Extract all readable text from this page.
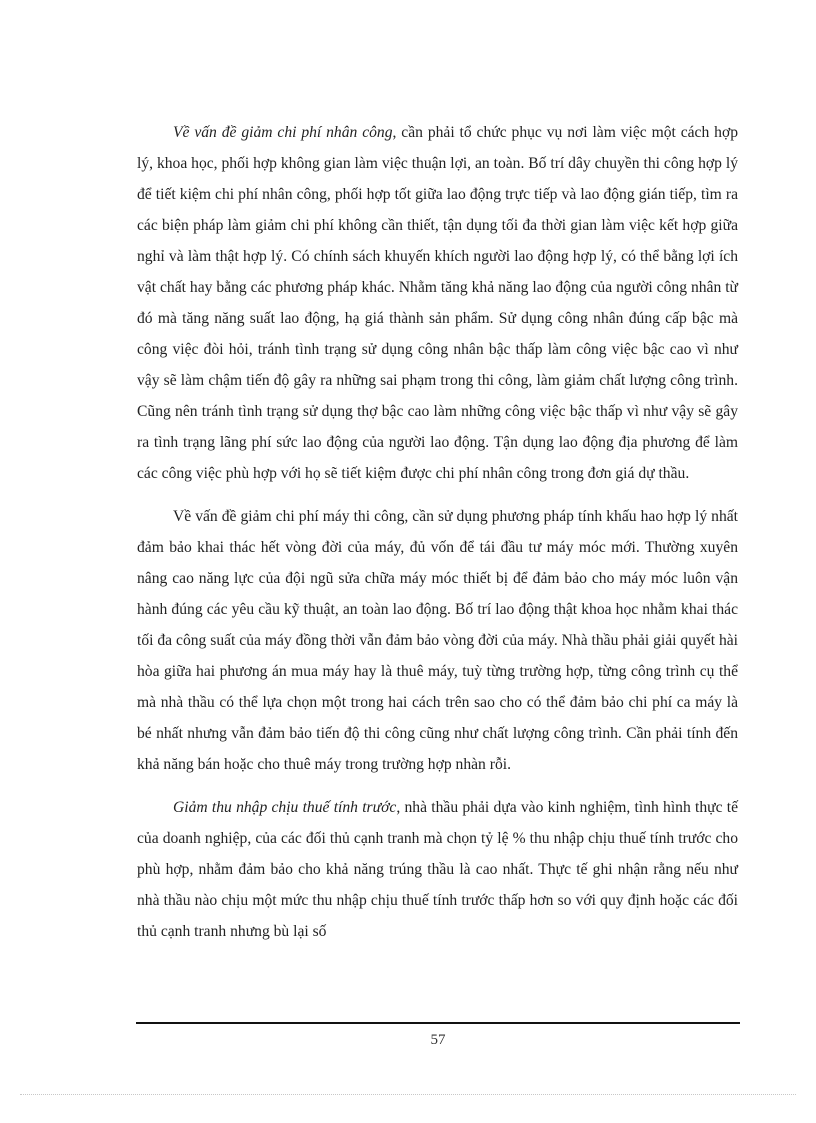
Về vấn đề giảm chi phí nhân công, cần phải tổ chức phục vụ nơi làm việc một cách hợp lý, khoa học, phối hợp không gian làm việc thuận lợi, an toàn. Bố trí dây chuyền thi công hợp lý để tiết kiệm chi phí nhân công, phối hợp tốt giữa lao động trực tiếp và lao động gián tiếp, tìm ra các biện pháp làm giảm chi phí không cần thiết, tận dụng tối đa thời gian làm việc kết hợp giữa nghỉ và làm thật hợp lý. Có chính sách khuyến khích người lao động hợp lý, có thể bằng lợi ích vật chất hay bằng các phương pháp khác. Nhằm tăng khả năng lao động của người công nhân từ đó mà tăng năng suất lao động, hạ giá thành sản phẩm. Sử dụng công nhân đúng cấp bậc mà công việc đòi hỏi, tránh tình trạng sử dụng công nhân bậc thấp làm công việc bậc cao vì như vậy sẽ làm chậm tiến độ gây ra những sai phạm trong thi công, làm giảm chất lượng công trình. Cũng nên tránh tình trạng sử dụng thợ bậc cao làm những công việc bậc thấp vì như vậy sẽ gây ra tình trạng lãng phí sức lao động của người lao động. Tận dụng lao động địa phương để làm các công việc phù hợp với họ sẽ tiết kiệm được chi phí nhân công trong đơn giá dự thầu.

Về vấn đề giảm chi phí máy thi công, cần sử dụng phương pháp tính khấu hao hợp lý nhất đảm bảo khai thác hết vòng đời của máy, đủ vốn để tái đầu tư máy móc mới. Thường xuyên nâng cao năng lực của đội ngũ sửa chữa máy móc thiết bị để đảm bảo cho máy móc luôn vận hành đúng các yêu cầu kỹ thuật, an toàn lao động. Bố trí lao động thật khoa học nhằm khai thác tối đa công suất của máy đồng thời vẫn đảm bảo vòng đời của máy. Nhà thầu phải giải quyết hài hòa giữa hai phương án mua máy hay là thuê máy, tuỳ từng trường hợp, từng công trình cụ thể mà nhà thầu có thể lựa chọn một trong hai cách trên sao cho có thể đảm bảo chi phí ca máy là bé nhất nhưng vẫn đảm bảo tiến độ thi công cũng như chất lượng công trình. Cần phải tính đến khả năng bán hoặc cho thuê máy trong trường hợp nhàn rỗi.

Giảm thu nhập chịu thuế tính trước, nhà thầu phải dựa vào kinh nghiệm, tình hình thực tế của doanh nghiệp, của các đối thủ cạnh tranh mà chọn tỷ lệ % thu nhập chịu thuế tính trước cho phù hợp, nhằm đảm bảo cho khả năng trúng thầu là cao nhất. Thực tế ghi nhận rằng nếu như nhà thầu nào chịu một mức thu nhập chịu thuế tính trước thấp hơn so với quy định hoặc các đối thủ cạnh tranh nhưng bù lại số

57
